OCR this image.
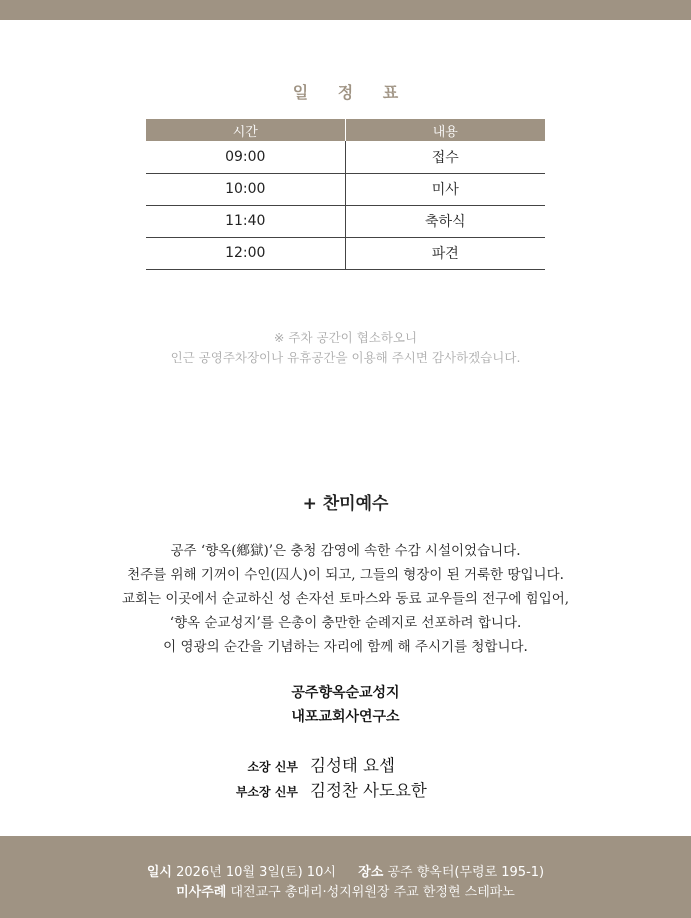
일 정 표
시간	내용
09:00	접수
10:00	미사
11:40	축하식
12:00	파견
※ 주차 공간이 협소하오니
인근 공영주차장이나 유휴공간을 이용해 주시면 감사하겠습니다.
+ 찬미예수
공주 ‘향옥(鄕獄)’은 충청 감영에 속한 수감 시설이었습니다.
천주를 위해 기꺼이 수인(囚人)이 되고, 그들의 형장이 된 거룩한 땅입니다.
교회는 이곳에서 순교하신 성 손자선 토마스와 동료 교우들의 전구에 힘입어,
‘향옥 순교성지’를 은총이 충만한 순례지로 선포하려 합니다.
이 영광의 순간을 기념하는 자리에 함께 해 주시기를 청합니다.
공주향옥순교성지
내포교회사연구소
소장 신부 김성태 요셉
부소장 신부 김정찬 사도요한
일시 2026년 10월 3일(토) 10시 장소 공주 향옥터(무령로 195-1)
미사주례 대전교구 총대리·성지위원장 주교 한정현 스테파노
